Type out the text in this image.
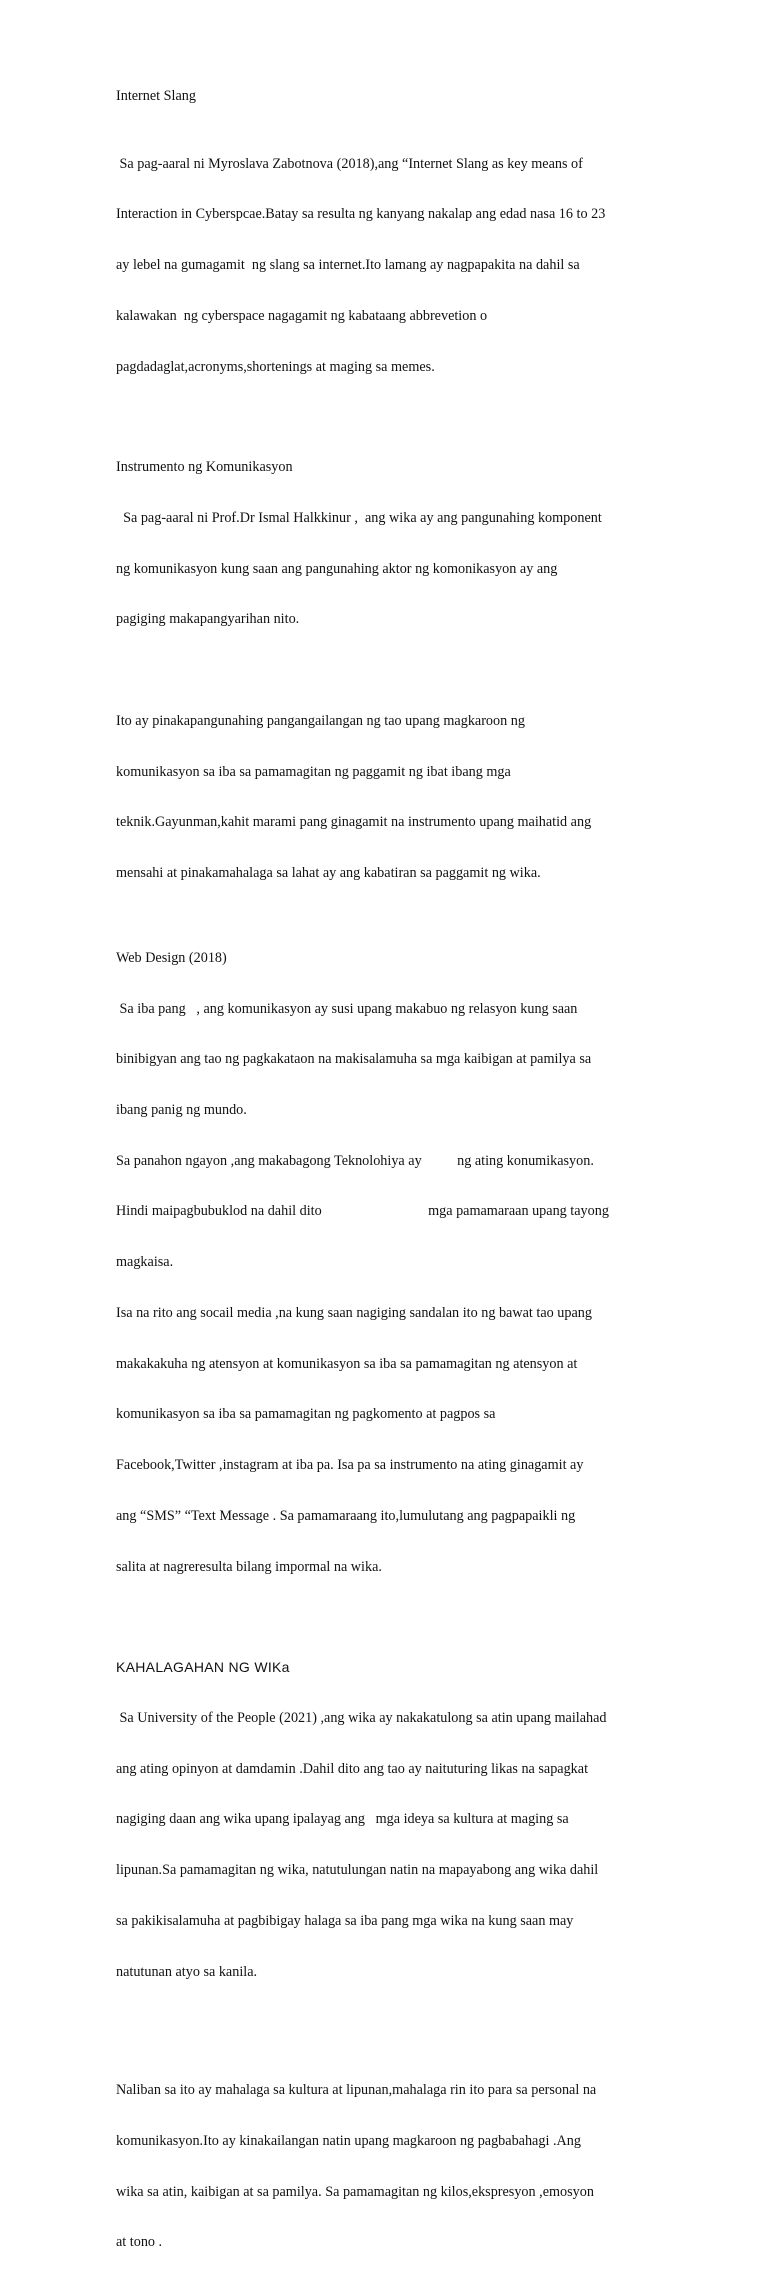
Internet Slang

Sa pag-aaral ni Myroslava Zabotnova (2018),ang “Internet Slang as key means of

Interaction in Cyberspcae.Batay sa resulta ng kanyang nakalap ang edad nasa 16 to 23

ay lebel na gumagamit  ng slang sa internet.Ito lamang ay nagpapakita na dahil sa

kalawakan  ng cyberspace nagagamit ng kabataang abbrevetion o

pagdadaglat,acronyms,shortenings at maging sa memes.

Instrumento ng Komunikasyon

Sa pag-aaral ni Prof.Dr Ismal Halkkinur ,  ang wika ay ang pangunahing komponent

ng komunikasyon kung saan ang pangunahing aktor ng komonikasyon ay ang

pagiging makapangyarihan nito.

Ito ay pinakapangunahing pangangailangan ng tao upang magkaroon ng

komunikasyon sa iba sa pamamagitan ng paggamit ng ibat ibang mga

teknik.Gayunman,kahit marami pang ginagamit na instrumento upang maihatid ang

mensahi at pinakamahalaga sa lahat ay ang kabatiran sa paggamit ng wika.

Web Design (2018)

Sa iba pang   , ang komunikasyon ay susi upang makabuo ng relasyon kung saan

binibigyan ang tao ng pagkakataon na makisalamuha sa mga kaibigan at pamilya sa

ibang panig ng mundo.

Sa panahon ngayon ,ang makabagong Teknolohiya ay          ng ating konumikasyon.

Hindi maipagbubuklod na dahil dito                              mga pamamaraan upang tayong

magkaisa.

Isa na rito ang socail media ,na kung saan nagiging sandalan ito ng bawat tao upang

makakakuha ng atensyon at komunikasyon sa iba sa pamamagitan ng atensyon at

komunikasyon sa iba sa pamamagitan ng pagkomento at pagpos sa

Facebook,Twitter ,instagram at iba pa. Isa pa sa instrumento na ating ginagamit ay

ang “SMS” “Text Message . Sa pamamaraang ito,lumulutang ang pagpapaikli ng

salita at nagreresulta bilang impormal na wika.

KAHALAGAHAN NG WIKa

Sa University of the People (2021) ,ang wika ay nakakatulong sa atin upang mailahad

ang ating opinyon at damdamin .Dahil dito ang tao ay naituturing likas na sapagkat

nagiging daan ang wika upang ipalayag ang   mga ideya sa kultura at maging sa

lipunan.Sa pamamagitan ng wika, natutulungan natin na mapayabong ang wika dahil

sa pakikisalamuha at pagbibigay halaga sa iba pang mga wika na kung saan may

natutunan atyo sa kanila.

Naliban sa ito ay mahalaga sa kultura at lipunan,mahalaga rin ito para sa personal na

komunikasyon.Ito ay kinakailangan natin upang magkaroon ng pagbabahagi .Ang

wika sa atin, kaibigan at sa pamilya. Sa pamamagitan ng kilos,ekspresyon ,emosyon

at tono .
